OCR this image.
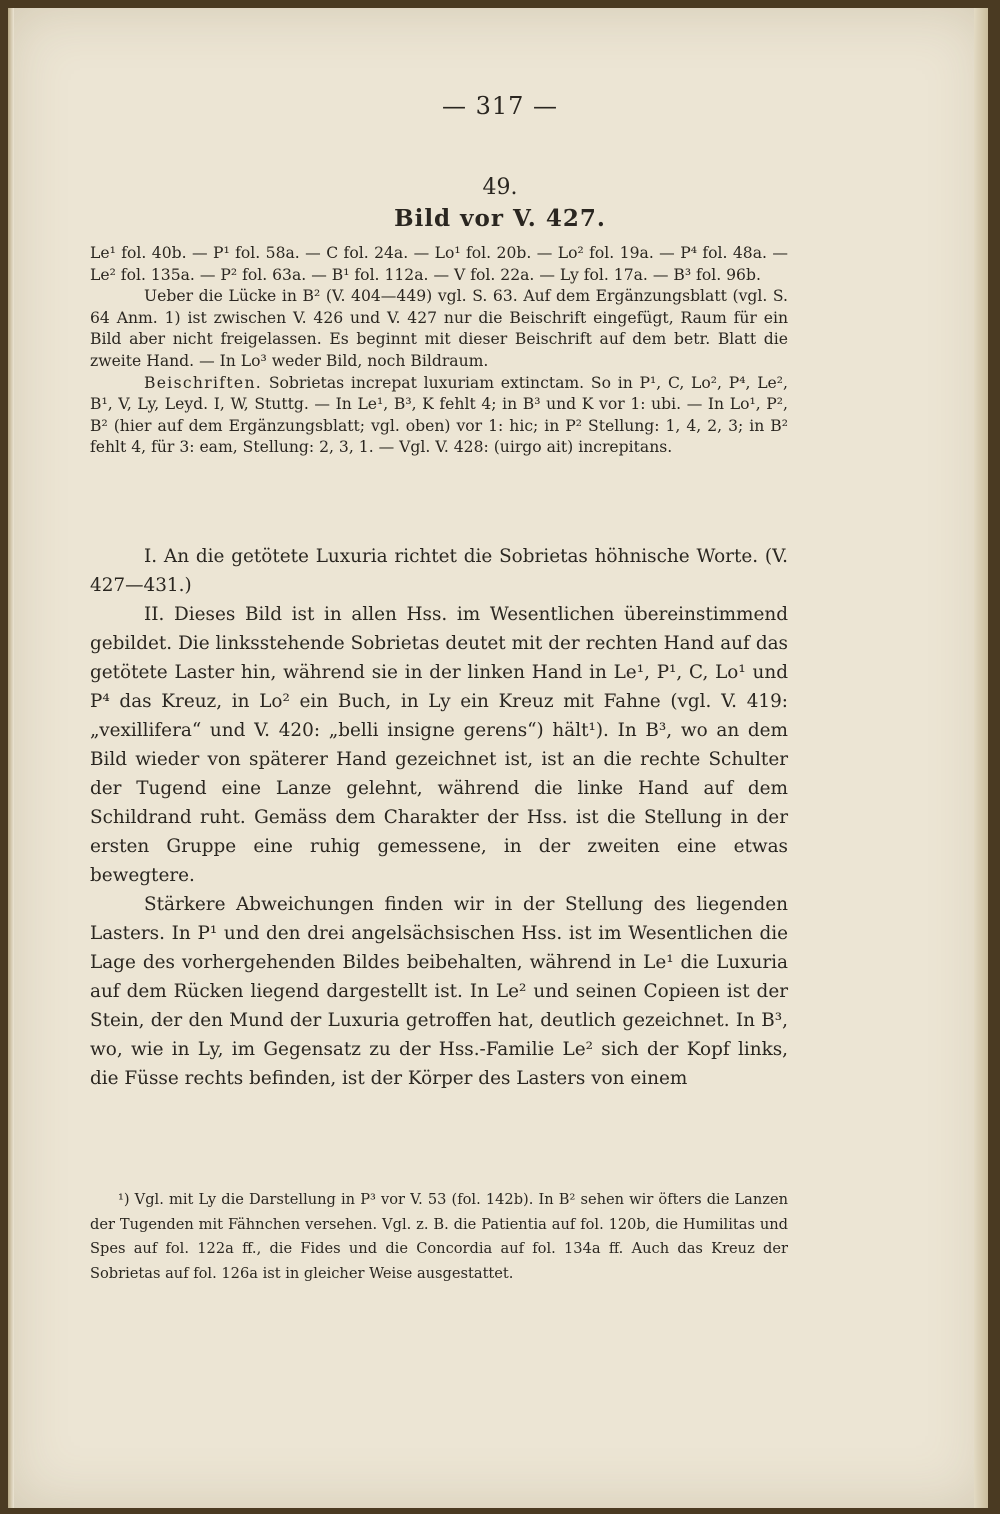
— 317 —
49.
Bild vor V. 427.

Le¹ fol. 40b. — P¹ fol. 58a. — C fol. 24a. — Lo¹ fol. 20b. — Lo² fol. 19a. — P⁴ fol. 48a. — Le² fol. 135a. — P² fol. 63a. — B¹ fol. 112a. — V fol. 22a. — Ly fol. 17a. — B³ fol. 96b.

Ueber die Lücke in B² (V. 404—449) vgl. S. 63. Auf dem Ergänzungsblatt (vgl. S. 64 Anm. 1) ist zwischen V. 426 und V. 427 nur die Beischrift eingefügt, Raum für ein Bild aber nicht freigelassen. Es beginnt mit dieser Beischrift auf dem betr. Blatt die zweite Hand. — In Lo³ weder Bild, noch Bildraum.

Beischriften. Sobrietas increpat luxuriam extinctam. So in P¹, C, Lo², P⁴, Le², B¹, V, Ly, Leyd. I, W, Stuttg. — In Le¹, B³, K fehlt 4; in B³ und K vor 1: ubi. — In Lo¹, P², B² (hier auf dem Ergänzungsblatt; vgl. oben) vor 1: hic; in P² Stellung: 1, 4, 2, 3; in B² fehlt 4, für 3: eam, Stellung: 2, 3, 1. — Vgl. V. 428: (uirgo ait) increpitans.

I. An die getötete Luxuria richtet die Sobrietas höhnische Worte. (V. 427—431.)

II. Dieses Bild ist in allen Hss. im Wesentlichen übereinstimmend gebildet. Die linksstehende Sobrietas deutet mit der rechten Hand auf das getötete Laster hin, während sie in der linken Hand in Le¹, P¹, C, Lo¹ und P⁴ das Kreuz, in Lo² ein Buch, in Ly ein Kreuz mit Fahne (vgl. V. 419: „vexillifera“ und V. 420: „belli insigne gerens“) hält¹). In B³, wo an dem Bild wieder von späterer Hand gezeichnet ist, ist an die rechte Schulter der Tugend eine Lanze gelehnt, während die linke Hand auf dem Schildrand ruht. Gemäss dem Charakter der Hss. ist die Stellung in der ersten Gruppe eine ruhig gemessene, in der zweiten eine etwas bewegtere.

Stärkere Abweichungen finden wir in der Stellung des liegenden Lasters. In P¹ und den drei angelsächsischen Hss. ist im Wesentlichen die Lage des vorhergehenden Bildes beibehalten, während in Le¹ die Luxuria auf dem Rücken liegend dargestellt ist. In Le² und seinen Copieen ist der Stein, der den Mund der Luxuria getroffen hat, deutlich gezeichnet. In B³, wo, wie in Ly, im Gegensatz zu der Hss.-Familie Le² sich der Kopf links, die Füsse rechts befinden, ist der Körper des Lasters von einem

¹) Vgl. mit Ly die Darstellung in P³ vor V. 53 (fol. 142b). In B² sehen wir öfters die Lanzen der Tugenden mit Fähnchen versehen. Vgl. z. B. die Patientia auf fol. 120b, die Humilitas und Spes auf fol. 122a ff., die Fides und die Concordia auf fol. 134a ff. Auch das Kreuz der Sobrietas auf fol. 126a ist in gleicher Weise ausgestattet.
